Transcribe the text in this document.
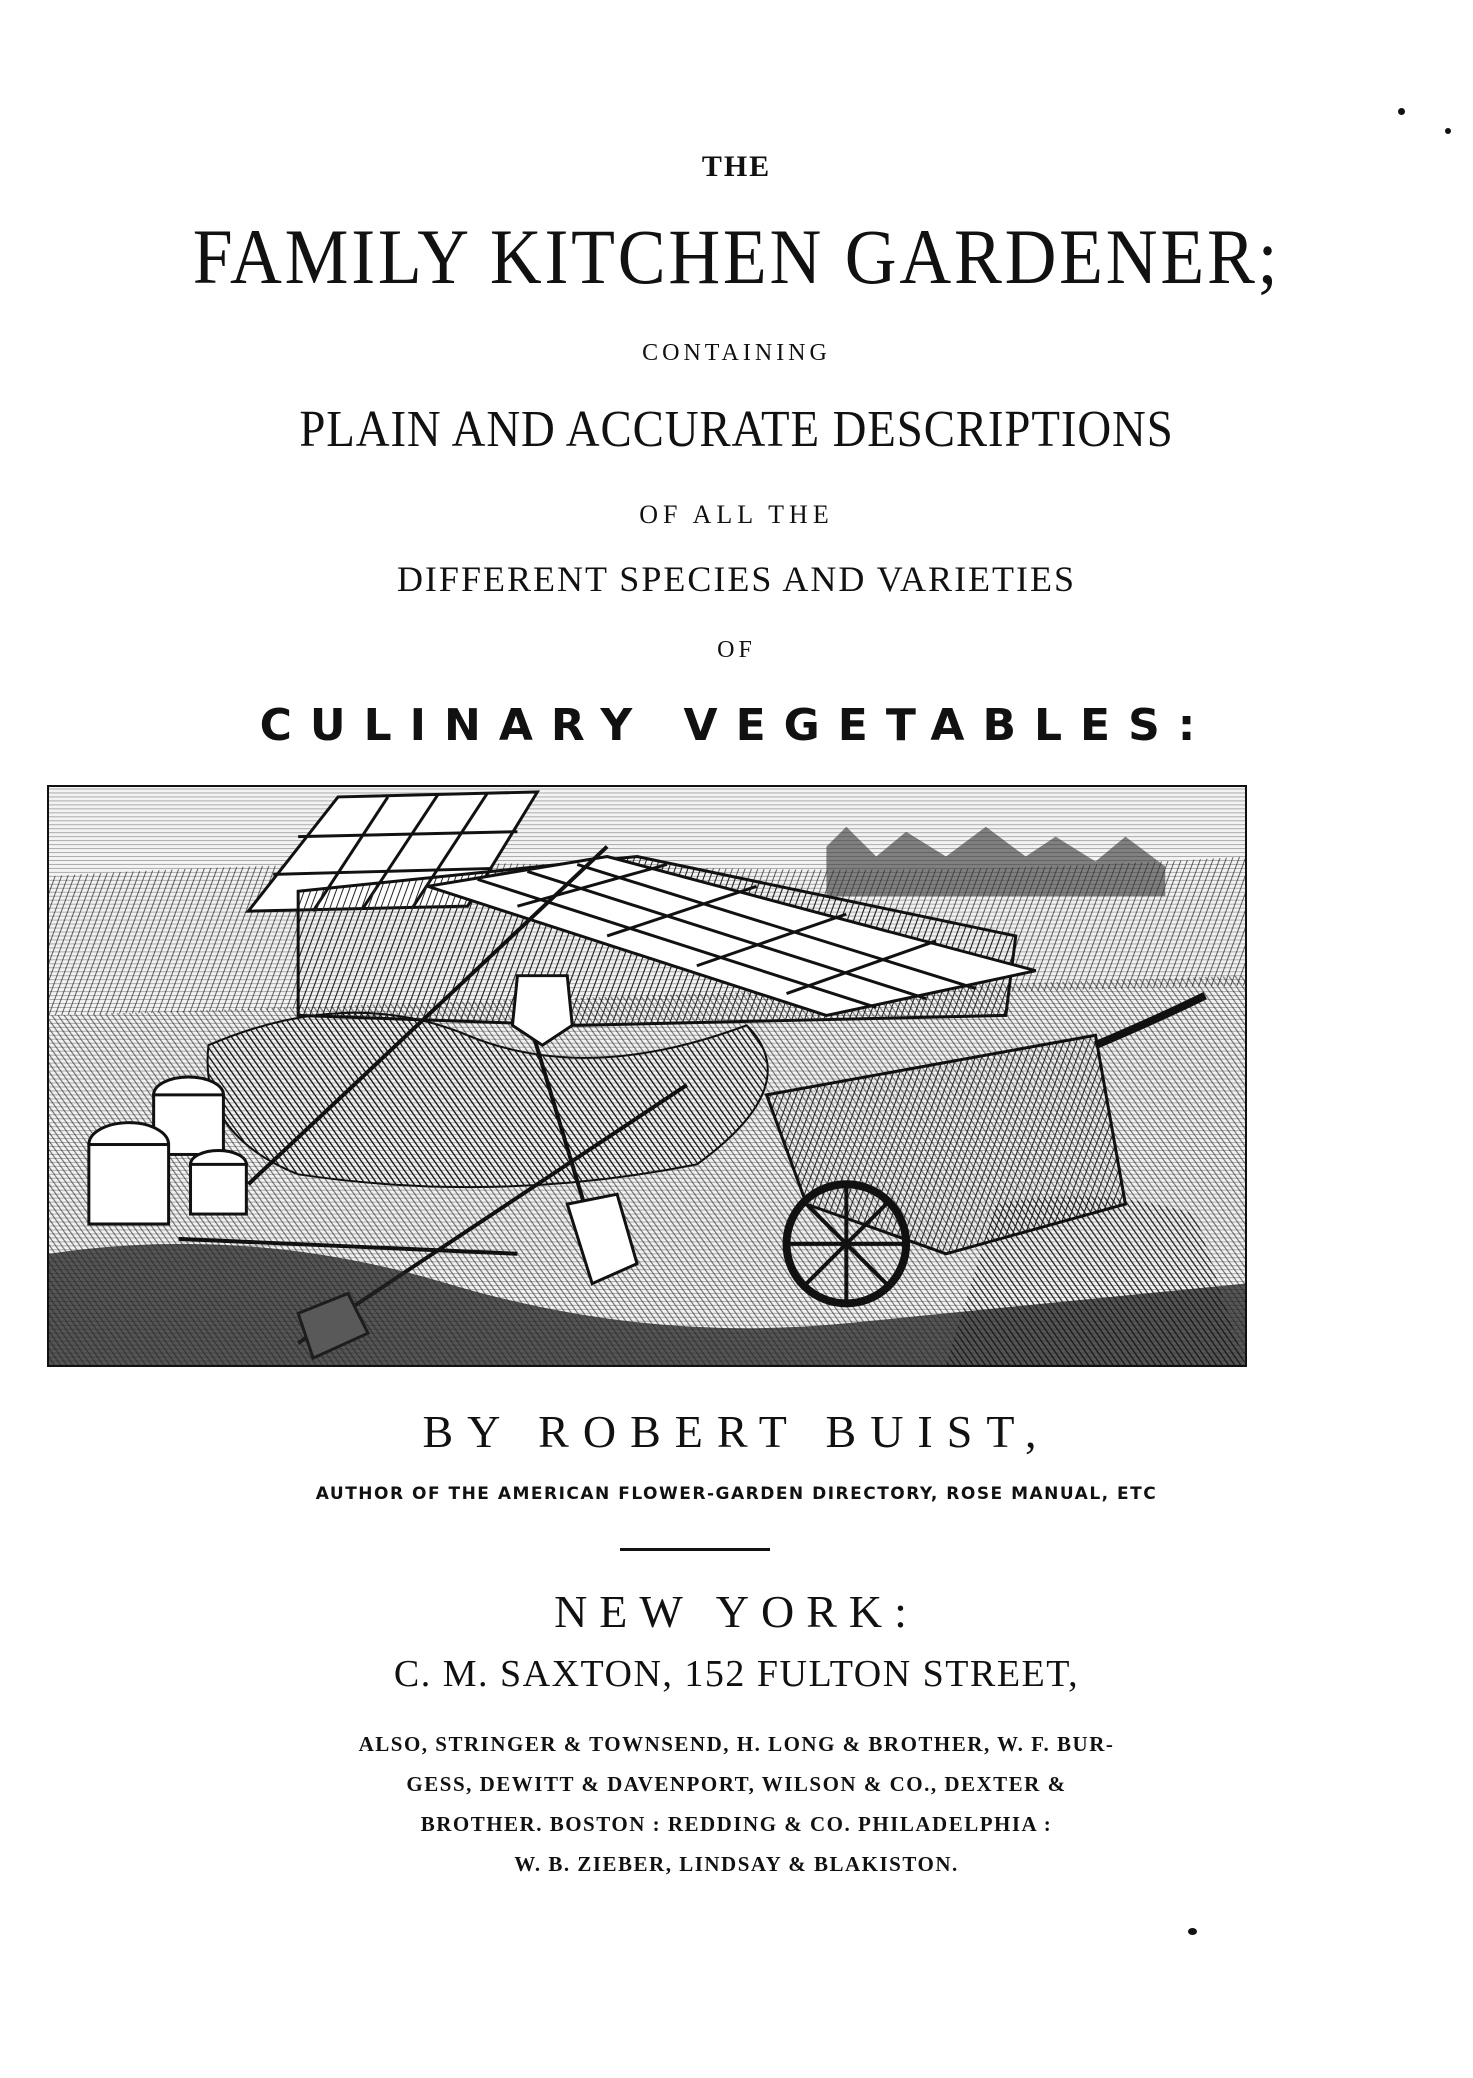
THE
FAMILY KITCHEN GARDENER;
CONTAINING
PLAIN AND ACCURATE DESCRIPTIONS
OF ALL THE
DIFFERENT SPECIES AND VARIETIES
OF
CULINARY VEGETABLES:
BY ROBERT BUIST,
AUTHOR OF THE AMERICAN FLOWER-GARDEN DIRECTORY, ROSE MANUAL, ETC
NEW YORK:
C. M. SAXTON, 152 FULTON STREET,
ALSO, STRINGER & TOWNSEND, H. LONG & BROTHER, W. F. BUR-
GESS, DEWITT & DAVENPORT, WILSON & CO., DEXTER &
BROTHER. BOSTON : REDDING & CO. PHILADELPHIA :
W. B. ZIEBER, LINDSAY & BLAKISTON.
